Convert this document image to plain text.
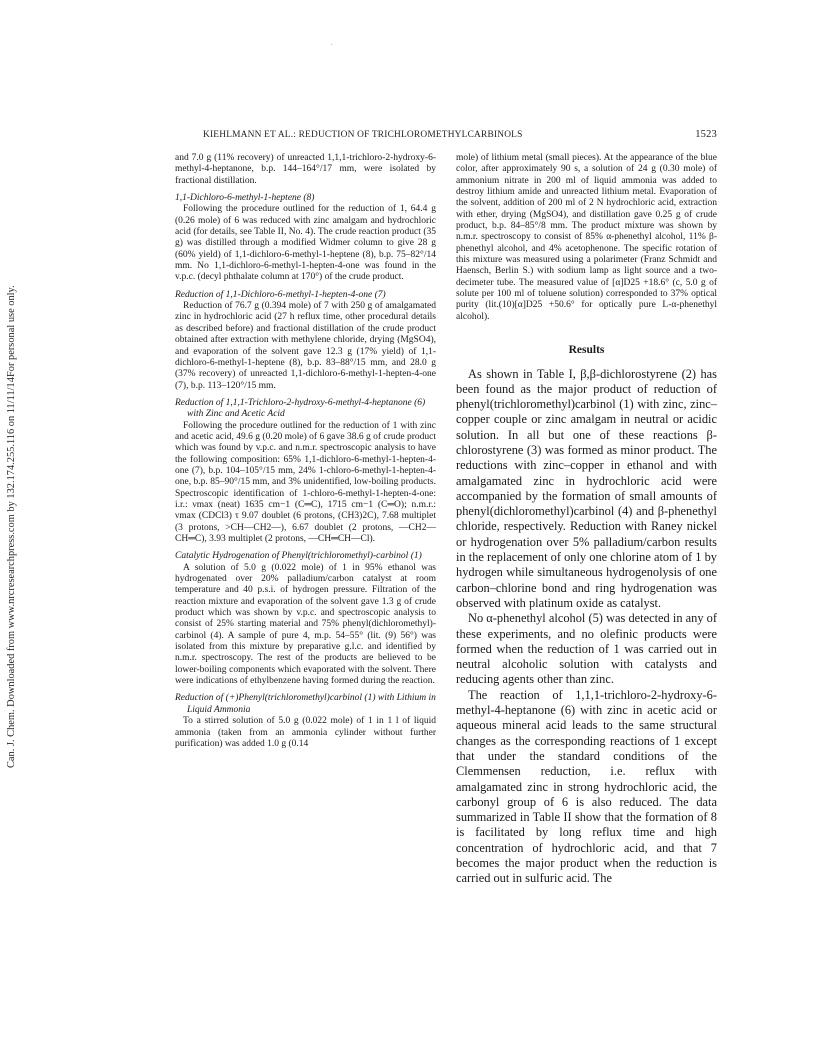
·
Can. J. Chem. Downloaded from www.nrcresearchpress.com by 132.174.255.116 on 11/11/14
For personal use only.
KIEHLMANN ET AL.: REDUCTION OF TRICHLOROMETHYLCARBINOLS	1523

and 7.0 g (11% recovery) of unreacted 1,1,1-trichloro-2-hydroxy-6-methyl-4-heptanone, b.p. 144–164°/17 mm, were isolated by fractional distillation.

1,1-Dichloro-6-methyl-1-heptene (8)

Following the procedure outlined for the reduction of 1, 64.4 g (0.26 mole) of 6 was reduced with zinc amalgam and hydrochloric acid (for details, see Table II, No. 4). The crude reaction product (35 g) was distilled through a modified Widmer column to give 28 g (60% yield) of 1,1-dichloro-6-methyl-1-heptene (8), b.p. 75–82°/14 mm. No 1,1-dichloro-6-methyl-1-hepten-4-one was found in the v.p.c. (decyl phthalate column at 170°) of the crude product.

Reduction of 1,1-Dichloro-6-methyl-1-hepten-4-one (7)

Reduction of 76.7 g (0.394 mole) of 7 with 250 g of amalgamated zinc in hydrochloric acid (27 h reflux time, other procedural details as described before) and fractional distillation of the crude product obtained after extraction with methylene chloride, drying (MgSO4), and evaporation of the solvent gave 12.3 g (17% yield) of 1,1-dichloro-6-methyl-1-heptene (8), b.p. 83–88°/15 mm, and 28.0 g (37% recovery) of unreacted 1,1-dichloro-6-methyl-1-hepten-4-one (7), b.p. 113–120°/15 mm.

Reduction of 1,1,1-Trichloro-2-hydroxy-6-methyl-4-heptanone (6) with Zinc and Acetic Acid

Following the procedure outlined for the reduction of 1 with zinc and acetic acid, 49.6 g (0.20 mole) of 6 gave 38.6 g of crude product which was found by v.p.c. and n.m.r. spectroscopic analysis to have the following composition: 65% 1,1-dichloro-6-methyl-1-hepten-4-one (7), b.p. 104–105°/15 mm, 24% 1-chloro-6-methyl-1-hepten-4-one, b.p. 85–90°/15 mm, and 3% unidentified, low-boiling products. Spectroscopic identification of 1-chloro-6-methyl-1-hepten-4-one: i.r.: νmax (neat) 1635 cm−1 (C═C), 1715 cm−1 (C═O); n.m.r.: νmax (CDCl3) τ 9.07 doublet (6 protons, (CH3)2C), 7.68 multiplet (3 protons, >CH—CH2—), 6.67 doublet (2 protons, —CH2—CH═C), 3.93 multiplet (2 protons, —CH═CH—Cl).

Catalytic Hydrogenation of Phenyl(trichloromethyl)-carbinol (1)

A solution of 5.0 g (0.022 mole) of 1 in 95% ethanol was hydrogenated over 20% palladium/carbon catalyst at room temperature and 40 p.s.i. of hydrogen pressure. Filtration of the reaction mixture and evaporation of the solvent gave 1.3 g of crude product which was shown by v.p.c. and spectroscopic analysis to consist of 25% starting material and 75% phenyl(dichloromethyl)-carbinol (4). A sample of pure 4, m.p. 54–55° (lit. (9) 56°) was isolated from this mixture by preparative g.l.c. and identified by n.m.r. spectroscopy. The rest of the products are believed to be lower-boiling components which evaporated with the solvent. There were indications of ethylbenzene having formed during the reaction.

Reduction of (+)Phenyl(trichloromethyl)carbinol (1) with Lithium in Liquid Ammonia

To a stirred solution of 5.0 g (0.022 mole) of 1 in 1 l of liquid ammonia (taken from an ammonia cylinder without further purification) was added 1.0 g (0.14

mole) of lithium metal (small pieces). At the appearance of the blue color, after approximately 90 s, a solution of 24 g (0.30 mole) of ammonium nitrate in 200 ml of liquid ammonia was added to destroy lithium amide and unreacted lithium metal. Evaporation of the solvent, addition of 200 ml of 2 N hydrochloric acid, extraction with ether, drying (MgSO4), and distillation gave 0.25 g of crude product, b.p. 84–85°/8 mm. The product mixture was shown by n.m.r. spectroscopy to consist of 85% α-phenethyl alcohol, 11% β-phenethyl alcohol, and 4% acetophenone. The specific rotation of this mixture was measured using a polarimeter (Franz Schmidt and Haensch, Berlin S.) with sodium lamp as light source and a two-decimeter tube. The measured value of [α]D25 +18.6° (c, 5.0 g of solute per 100 ml of toluene solution) corresponded to 37% optical purity (lit.(10)[α]D25 +50.6° for optically pure L-α-phenethyl alcohol).

Results

As shown in Table I, β,β-dichlorostyrene (2) has been found as the major product of reduction of phenyl(trichloromethyl)carbinol (1) with zinc, zinc–copper couple or zinc amalgam in neutral or acidic solution. In all but one of these reactions β-chlorostyrene (3) was formed as minor product. The reductions with zinc–copper in ethanol and with amalgamated zinc in hydrochloric acid were accompanied by the formation of small amounts of phenyl(dichloromethyl)carbinol (4) and β-phenethyl chloride, respectively. Reduction with Raney nickel or hydrogenation over 5% palladium/carbon results in the replacement of only one chlorine atom of 1 by hydrogen while simultaneous hydrogenolysis of one carbon–chlorine bond and ring hydrogenation was observed with platinum oxide as catalyst.

No α-phenethyl alcohol (5) was detected in any of these experiments, and no olefinic products were formed when the reduction of 1 was carried out in neutral alcoholic solution with catalysts and reducing agents other than zinc.

The reaction of 1,1,1-trichloro-2-hydroxy-6-methyl-4-heptanone (6) with zinc in acetic acid or aqueous mineral acid leads to the same structural changes as the corresponding reactions of 1 except that under the standard conditions of the Clemmensen reduction, i.e. reflux with amalgamated zinc in strong hydrochloric acid, the carbonyl group of 6 is also reduced. The data summarized in Table II show that the formation of 8 is facilitated by long reflux time and high concentration of hydrochloric acid, and that 7 becomes the major product when the reduction is carried out in sulfuric acid. The
